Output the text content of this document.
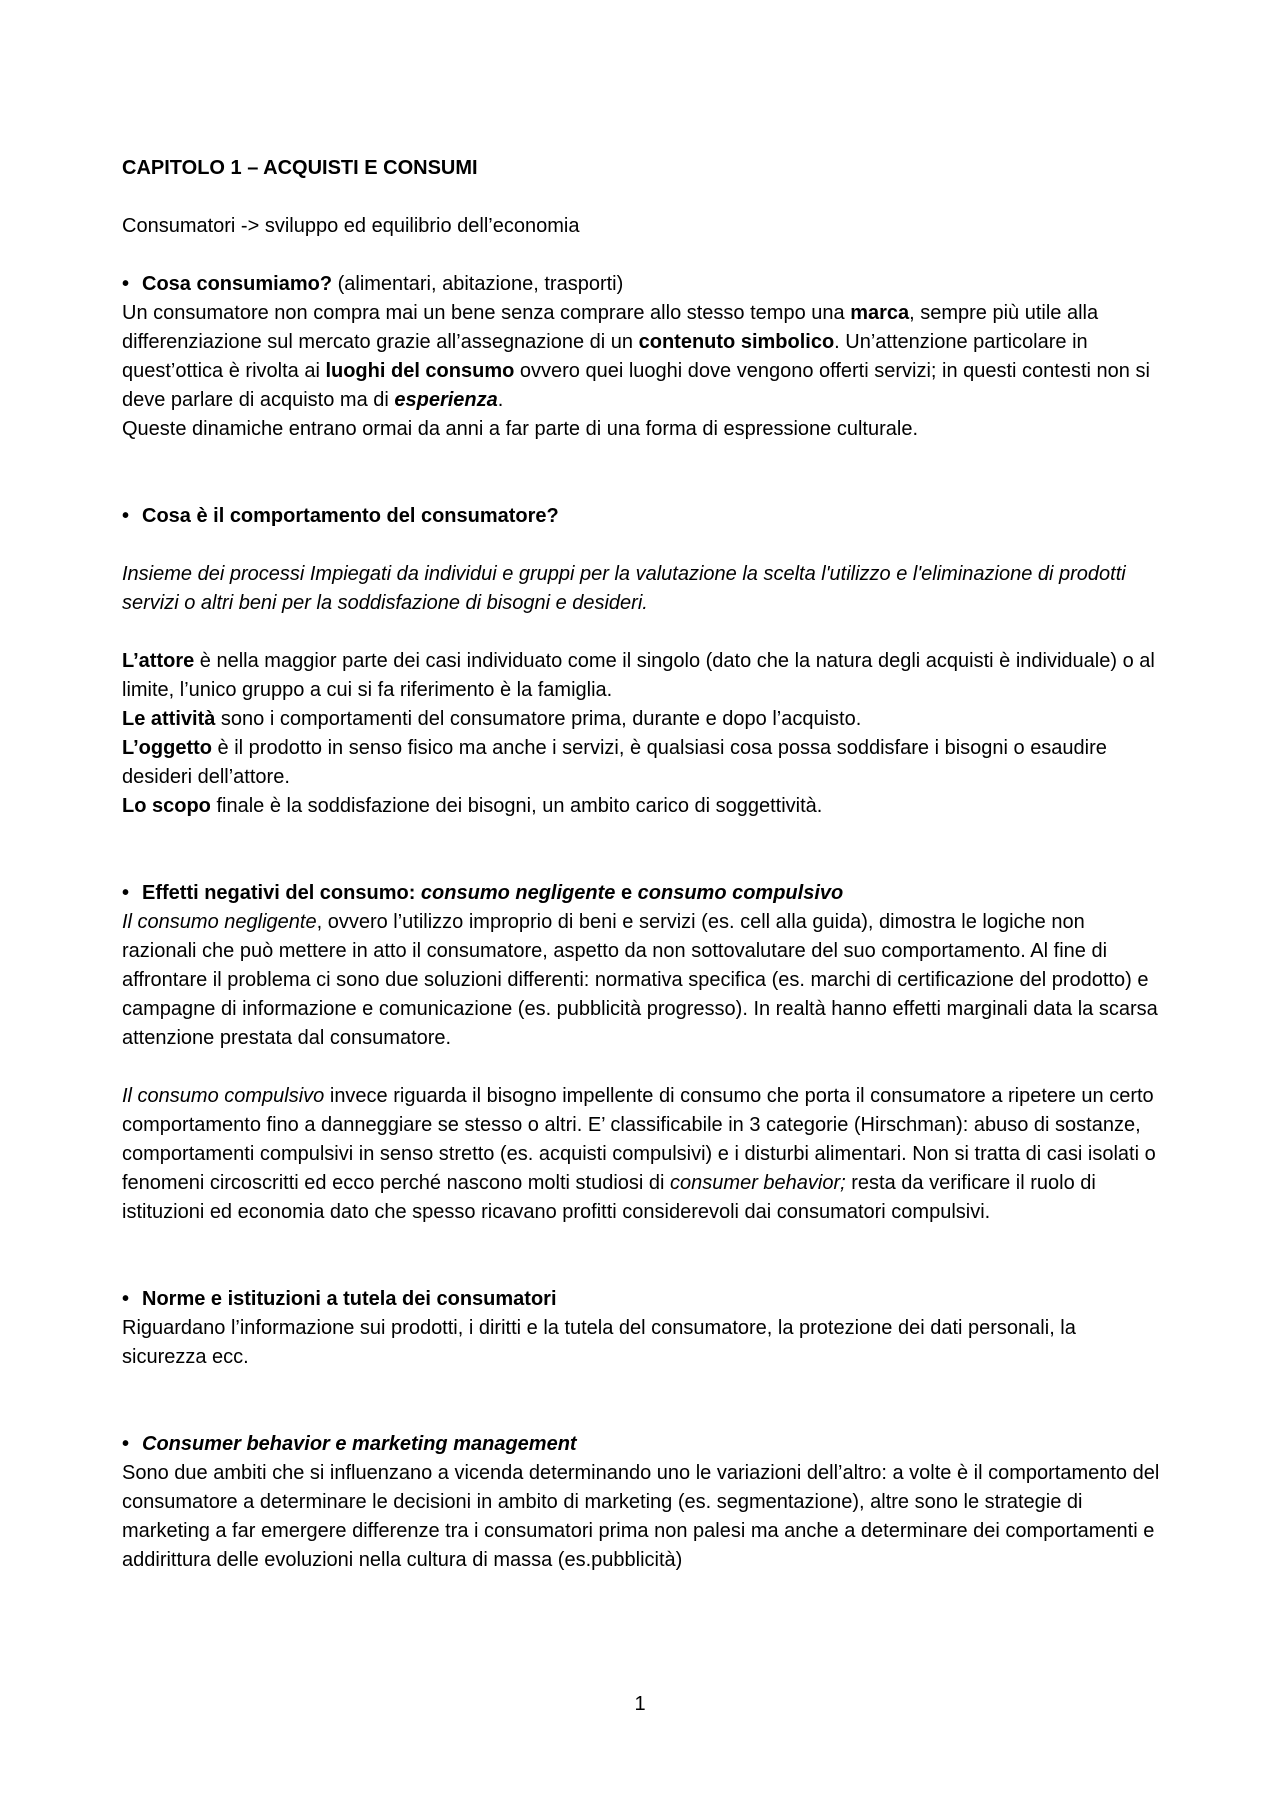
CAPITOLO 1 – ACQUISTI E CONSUMI

Consumatori -> sviluppo ed equilibrio dell’economia

• Cosa consumiamo? (alimentari, abitazione, trasporti)

Un consumatore non compra mai un bene senza comprare allo stesso tempo una marca, sempre più utile alla differenziazione sul mercato grazie all’assegnazione di un contenuto simbolico. Un’attenzione particolare in quest’ottica è rivolta ai luoghi del consumo ovvero quei luoghi dove vengono offerti servizi; in questi contesti non si deve parlare di acquisto ma di esperienza.

Queste dinamiche entrano ormai da anni a far parte di una forma di espressione culturale.

• Cosa è il comportamento del consumatore?

Insieme dei processi Impiegati da individui e gruppi per la valutazione la scelta l'utilizzo e l'eliminazione di prodotti servizi o altri beni per la soddisfazione di bisogni e desideri.

L’attore è nella maggior parte dei casi individuato come il singolo (dato che la natura degli acquisti è individuale) o al limite, l’unico gruppo a cui si fa riferimento è la famiglia.

Le attività sono i comportamenti del consumatore prima, durante e dopo l’acquisto.

L’oggetto è il prodotto in senso fisico ma anche i servizi, è qualsiasi cosa possa soddisfare i bisogni o esaudire desideri dell’attore.

Lo scopo finale è la soddisfazione dei bisogni, un ambito carico di soggettività.

• Effetti negativi del consumo: consumo negligente e consumo compulsivo

Il consumo negligente, ovvero l’utilizzo improprio di beni e servizi (es. cell alla guida), dimostra le logiche non razionali che può mettere in atto il consumatore, aspetto da non sottovalutare del suo comportamento. Al fine di affrontare il problema ci sono due soluzioni differenti: normativa specifica (es. marchi di certificazione del prodotto) e campagne di informazione e comunicazione (es. pubblicità progresso). In realtà hanno effetti marginali data la scarsa attenzione prestata dal consumatore.

Il consumo compulsivo invece riguarda il bisogno impellente di consumo che porta il consumatore a ripetere un certo comportamento fino a danneggiare se stesso o altri. E’ classificabile in 3 categorie (Hirschman): abuso di sostanze, comportamenti compulsivi in senso stretto (es. acquisti compulsivi) e i disturbi alimentari. Non si tratta di casi isolati o fenomeni circoscritti ed ecco perché nascono molti studiosi di consumer behavior; resta da verificare il ruolo di istituzioni ed economia dato che spesso ricavano profitti considerevoli dai consumatori compulsivi.

• Norme e istituzioni a tutela dei consumatori

Riguardano l’informazione sui prodotti, i diritti e la tutela del consumatore, la protezione dei dati personali, la sicurezza ecc.

• Consumer behavior e marketing management

Sono due ambiti che si influenzano a vicenda determinando uno le variazioni dell’altro: a volte è il comportamento del consumatore a determinare le decisioni in ambito di marketing (es. segmentazione), altre sono le strategie di marketing a far emergere differenze tra i consumatori prima non palesi ma anche a determinare dei comportamenti e addirittura delle evoluzioni nella cultura di massa (es.pubblicità)

1
